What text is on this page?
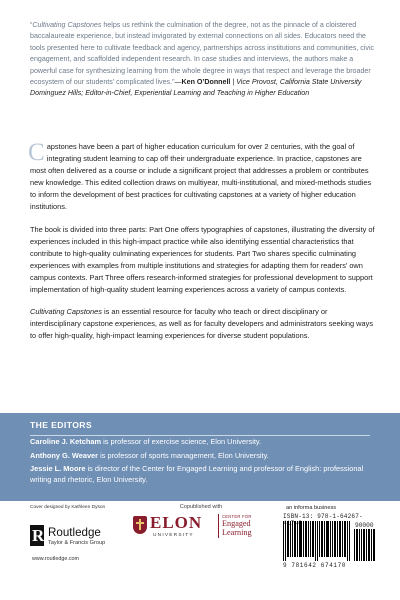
“Cultivating Capstones helps us rethink the culmination of the degree, not as the pinnacle of a cloistered baccalaureate experience, but instead invigorated by external connections on all sides. Educators need the tools presented here to cultivate feedback and agency, partnerships across institutions and communities, civic engagement, and scaffolded independent research. In case studies and interviews, the authors make a powerful case for synthesizing learning from the whole degree in ways that respect and leverage the broader ecosystem of our students’ complicated lives.”—Ken O’Donnell | Vice Provost, California State University Dominguez Hills; Editor-in-Chief, Experiential Learning and Teaching in Higher Education

Capstones have been a part of higher education curriculum for over 2 centuries, with the goal of integrating student learning to cap off their undergraduate experience. In practice, capstones are most often delivered as a course or include a significant project that addresses a problem or contributes new knowledge. This edited collection draws on multiyear, multi-institutional, and mixed-methods studies to inform the development of best practices for cultivating capstones at a variety of higher education institutions.

The book is divided into three parts: Part One offers typographies of capstones, illustrating the diversity of experiences included in this high-impact practice while also identifying essential characteristics that contribute to high-quality culminating experiences for students. Part Two shares specific culminating experiences with examples from multiple institutions and strategies for adapting them for readers’ own campus contexts. Part Three offers research-informed strategies for professional development to support implementation of high-quality student learning experiences across a variety of campus contexts.

Cultivating Capstones is an essential resource for faculty who teach or direct disciplinary or interdisciplinary capstone experiences, as well as for faculty developers and administrators seeking ways to offer high-quality, high-impact learning experiences for diverse student populations.

THE EDITORS
Caroline J. Ketcham is professor of exercise science, Elon University.
Anthony G. Weaver is professor of sports management, Elon University.
Jessie L. Moore is director of the Center for Engaged Learning and professor of English: professional writing and rhetoric, Elon University.
Cover designed by Kathleen Dyson	Copublished with
ELON
UNIVERSITY
CENTER FOR
Engaged
Learning
an informa business
ISBN-13: 978-1-64267-417-0	90000
9 781642 674170
R Routledge
Taylor & Francis Group
www.routledge.com
